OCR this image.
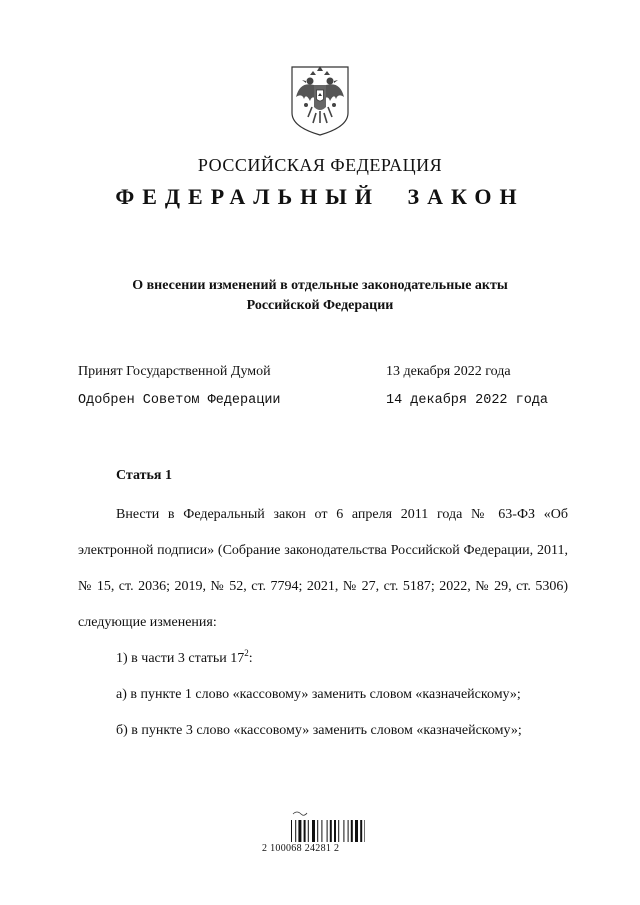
РОССИЙСКАЯ ФЕДЕРАЦИЯ
ФЕДЕРАЛЬНЫЙ ЗАКОН
О внесении изменений в отдельные законодательные акты
Российской Федерации
Принят Государственной Думой	13 декабря 2022 года
Одобрен Советом Федерации	14 декабря 2022 года
Статья 1

Внести в Федеральный закон от 6 апреля 2011 года № 63-ФЗ «Об электронной подписи» (Собрание законодательства Российской Федерации, 2011, № 15, ст. 2036; 2019, № 52, ст. 7794; 2021, № 27, ст. 5187; 2022, № 29, ст. 5306) следующие изменения:

1) в части 3 статьи $17^2$:

а) в пункте 1 слово «кассовому» заменить словом «казначейскому»;

б) в пункте 3 слово «кассовому» заменить словом «казначейскому»;

2 100068 24281 2
